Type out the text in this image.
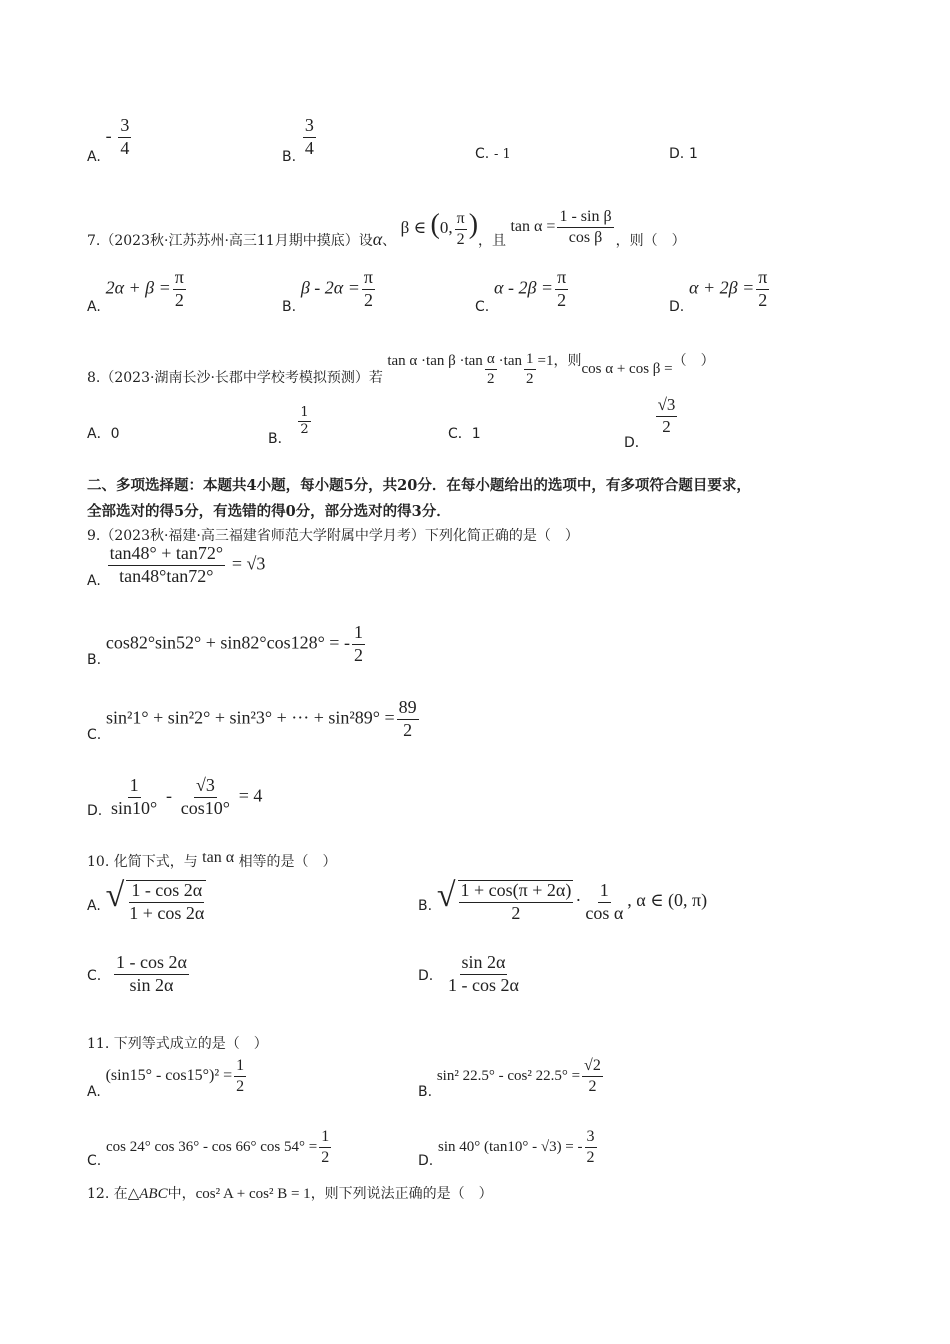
A. - $\frac{3}{4}$	B. $\frac{3}{4}$	C. - 1	D. 1
7.（2023秋·江苏苏州·高三11月期中摸底）设α、 β ∈ (0, $\frac{\pi}{2}$ )，且 $\tan \alpha = \frac{\text{1 - sin β}}{\text{cos β}}$ ，则（　）
A. $2\alpha + \beta = \frac{\pi}{2}$	B. $\beta - 2\alpha = \frac{\pi}{2}$	C. $\alpha - 2\beta = \frac{\pi}{2}$	D. $\alpha + 2\beta = \frac{\pi}{2}$
8.（2023·湖南长沙·长郡中学校考模拟预测）若 tan α ·tan $\beta \cdot\tan \frac{\alpha}{2} \cdot\tan \frac{1}{2} =1$，则cos α + cos β =（　）
A．0	B．
$\frac{1}{2}$	C．1
D．
$\frac{√3}{2}$
二、多项选择题：本题共4小题，每小题5分，共20分．在每小题给出的选项中，有多项符合题目要求，
全部选对的得5分，有选错的得0分，部分选对的得3分．
9.（2023秋·福建·高三福建省师范大学附属中学月考）下列化简正确的是（　）
A. $\frac{\tan 48^\circ + \tan 72^\circ}{\tan 48^\circ\tan 72^\circ} = √3$
B. cos82°sin52° + sin82°cos128° = - $\frac{1}{2}$
C. sin²1° + sin²2° + sin²3° + ··· + $\sin^289^\circ = \frac{89}{2}$
D. $\frac{1}{\sin 10^\circ} - \frac{√3}{\cos 10^\circ} = 4$
10. 化简下式，与 tan α 相等的是（　）
A. √ $\frac{1 - \cos 2\alpha}{1 + \cos 2\alpha}$	B. √ $\frac{1 + \cos(\pi + 2\alpha)}{2} \cdot \frac{1}{\text{cos α}}$ , α ∈ (0, π)
C. $\frac{1 - \cos 2\alpha}{\sin 2\alpha}$	D. $\frac{\sin 2\alpha}{1 - \cos 2\alpha}$
11. 下列等式成立的是（　）
A. $(\sin 15^\circ - \cos 15^\circ)^2 = \frac{1}{2}$	B. sin² 22.5° - cos² $22.5^\circ = \frac{√2}{2}$
C. cos 24° cos 36° - cos 66° $\cos 54^\circ = \frac{1}{2}$	D. sin 40° (tan10° - √3) = - $\frac{3}{2}$
12. 在△ABC中，cos² A + cos² B = 1，则下列说法正确的是（　）
